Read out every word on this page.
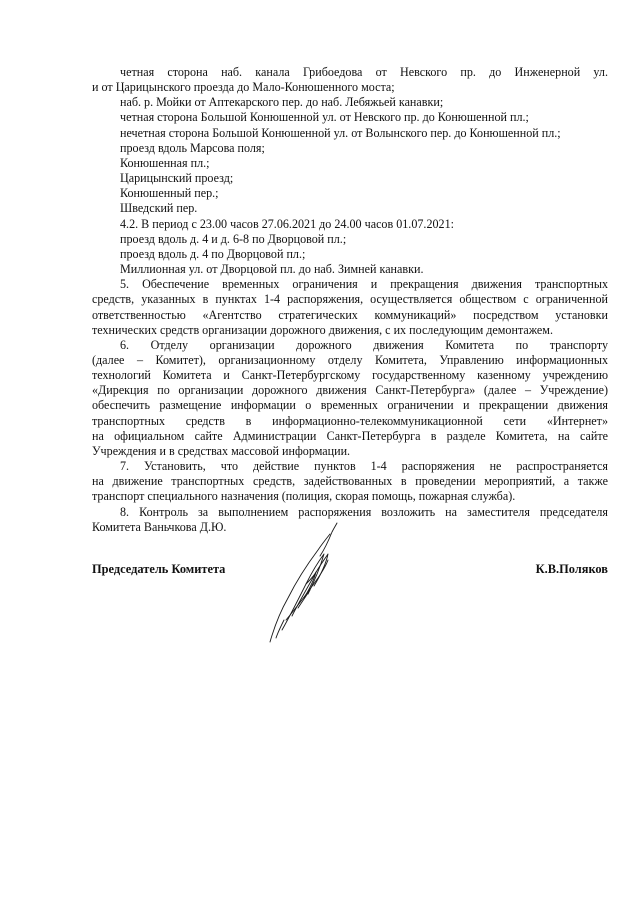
четная сторона наб. канала Грибоедова от Невского пр. до Инженерной ул.
и от Царицынского проезда до Мало-Конюшенного моста;
наб. р. Мойки от Аптекарского пер. до наб. Лебяжьей канавки;
четная сторона Большой Конюшенной ул. от Невского пр. до Конюшенной пл.;
нечетная сторона Большой Конюшенной ул. от Волынского пер. до Конюшенной пл.;
проезд вдоль Марсова поля;
Конюшенная пл.;
Царицынский проезд;
Конюшенный пер.;
Шведский пер.
4.2. В период с 23.00 часов 27.06.2021 до 24.00 часов 01.07.2021:
проезд вдоль д. 4 и д. 6-8 по Дворцовой пл.;
проезд вдоль д. 4 по Дворцовой пл.;
Миллионная ул. от Дворцовой пл. до наб. Зимней канавки.
5. Обеспечение временных ограничения и прекращения движения транспортных
средств, указанных в пунктах 1-4 распоряжения, осуществляется обществом с ограниченной
ответственностью «Агентство стратегических коммуникаций» посредством установки
технических средств организации дорожного движения, с их последующим демонтажем.
6. Отделу организации дорожного движения Комитета по транспорту
(далее – Комитет), организационному отделу Комитета, Управлению информационных
технологий Комитета и Санкт-Петербургскому государственному казенному учреждению
«Дирекция по организации дорожного движения Санкт-Петербурга» (далее – Учреждение)
обеспечить размещение информации о временных ограничении и прекращении движения
транспортных средств в информационно-телекоммуникационной сети «Интернет»
на официальном сайте Администрации Санкт-Петербурга в разделе Комитета, на сайте
Учреждения и в средствах массовой информации.
7. Установить, что действие пунктов 1-4 распоряжения не распространяется
на движение транспортных средств, задействованных в проведении мероприятий, а также
транспорт специального назначения (полиция, скорая помощь, пожарная служба).
8. Контроль за выполнением распоряжения возложить на заместителя председателя
Комитета Ваньчкова Д.Ю.
Председатель Комитета	К.В.Поляков
